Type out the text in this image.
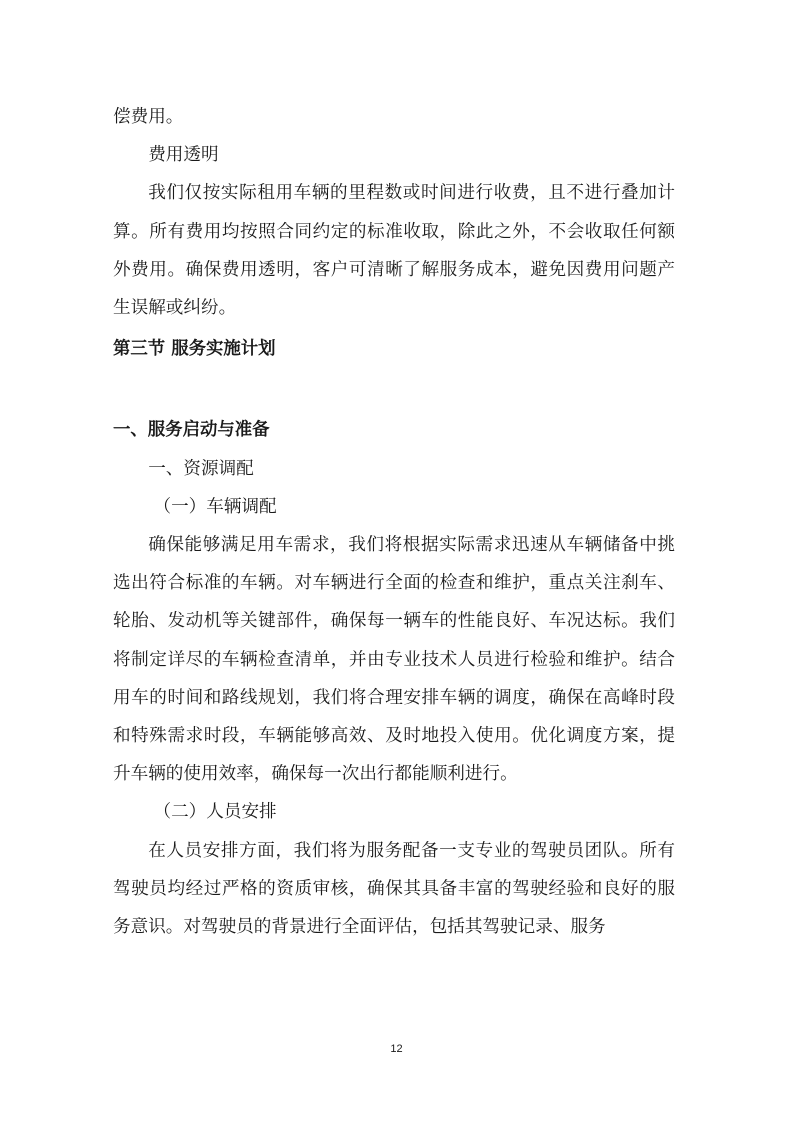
偿费用。

费用透明

我们仅按实际租用车辆的里程数或时间进行收费，且不进行叠加计算。所有费用均按照合同约定的标准收取，除此之外，不会收取任何额外费用。确保费用透明，客户可清晰了解服务成本，避免因费用问题产生误解或纠纷。

第三节 服务实施计划

一、服务启动与准备

一、资源调配

（一）车辆调配

确保能够满足用车需求，我们将根据实际需求迅速从车辆储备中挑选出符合标准的车辆。对车辆进行全面的检查和维护，重点关注刹车、轮胎、发动机等关键部件，确保每一辆车的性能良好、车况达标。我们将制定详尽的车辆检查清单，并由专业技术人员进行检验和维护。结合用车的时间和路线规划，我们将合理安排车辆的调度，确保在高峰时段和特殊需求时段，车辆能够高效、及时地投入使用。优化调度方案，提升车辆的使用效率，确保每一次出行都能顺利进行。

（二）人员安排

在人员安排方面，我们将为服务配备一支专业的驾驶员团队。所有驾驶员均经过严格的资质审核，确保其具备丰富的驾驶经验和良好的服务意识。对驾驶员的背景进行全面评估，包括其驾驶记录、服务

12
